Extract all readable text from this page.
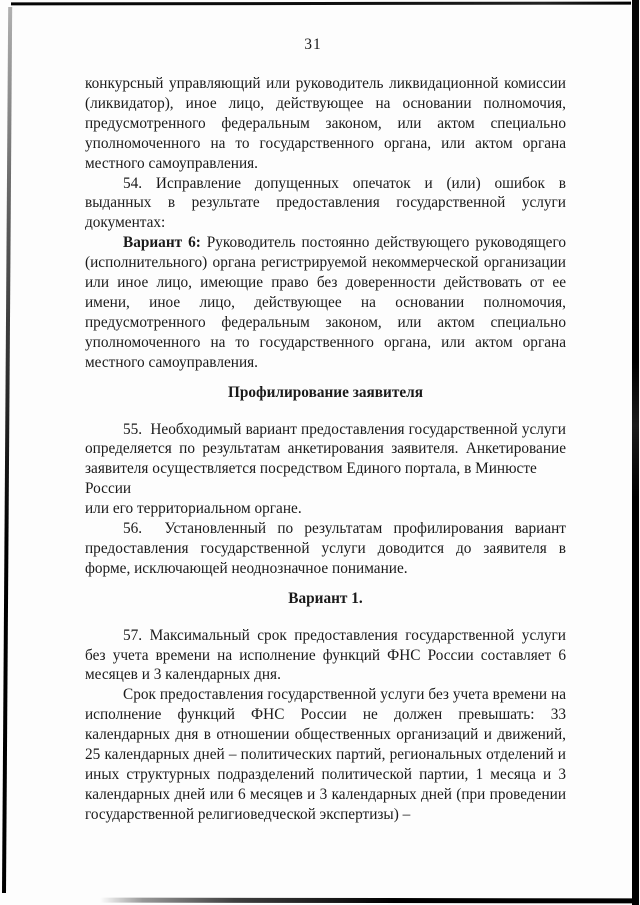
31

конкурсный управляющий или руководитель ликвидационной комиссии (ликвидатор), иное лицо, действующее на основании полномочия, предусмотренного федеральным законом, или актом специально уполномоченного на то государственного органа, или актом органа местного самоуправления.

54. Исправление допущенных опечаток и (или) ошибок в выданных в результате предоставления государственной услуги документах:

Вариант 6: Руководитель постоянно действующего руководящего (исполнительного) органа регистрируемой некоммерческой организации или иное лицо, имеющие право без доверенности действовать от ее имени, иное лицо, действующее на основании полномочия, предусмотренного федеральным законом, или актом специально уполномоченного на то государственного органа, или актом органа местного самоуправления.

Профилирование заявителя

55.  Необходимый вариант предоставления государственной услуги определяется по результатам анкетирования заявителя. Анкетирование заявителя осуществляется посредством Единого портала, в Минюсте
России
или его территориальном органе.

56.  Установленный по результатам профилирования вариант предоставления государственной услуги доводится до заявителя в форме, исключающей неоднозначное понимание.

Вариант 1.

57. Максимальный срок предоставления государственной услуги без учета времени на исполнение функций ФНС России составляет 6 месяцев и 3 календарных дня.

Срок предоставления государственной услуги без учета времени на исполнение функций ФНС России не должен превышать: 33 календарных дня в отношении общественных организаций и движений, 25 календарных дней – политических партий, региональных отделений и иных структурных подразделений политической партии, 1 месяца и 3 календарных дней или 6 месяцев и 3 календарных дней (при проведении государственной религиоведческой экспертизы) –
